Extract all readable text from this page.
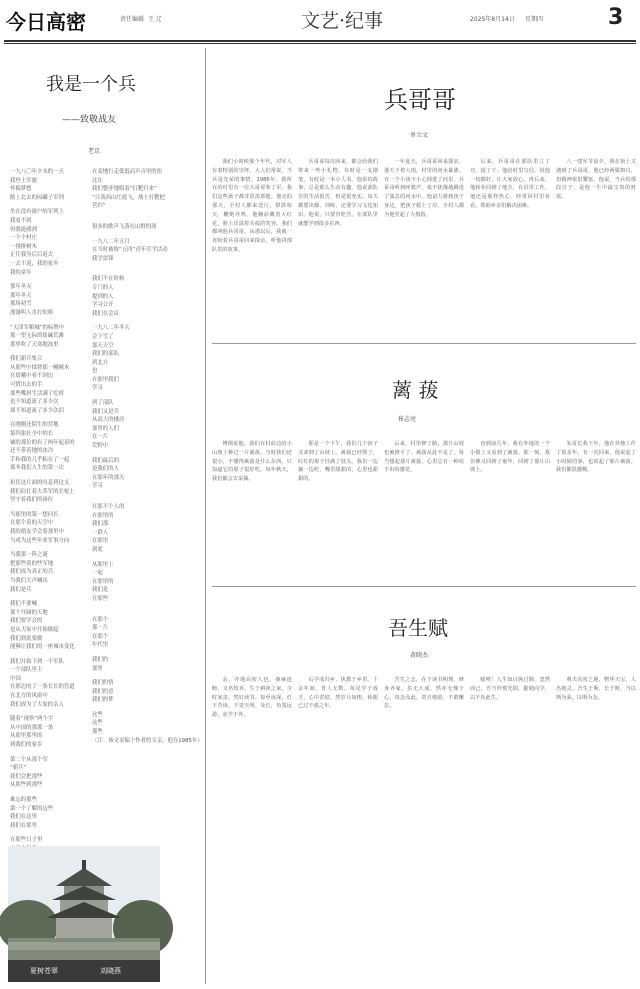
今日高密	责任编辑 王 辽	文艺·纪事	2025年8月14日 星期四	3
我是一个兵
——致敬战友
老京
一九八〇年夕末的一天
我登上军旅
怀揣梦想
踏上北去的闷罐子军列
坐在没有窗户的军列上
我看不到
但我能感到
一个个村庄
一排排树木
正往我身后后退去
一去不返，我的家乡
我的童年
那年冬天
那年冬天
那场初雪
漫漫叫人直打惊哆
“天津军粮城”的标牌中
那一望无际的盐碱荒滩
那里吹了天寒地冻里
我们新兵集合
从那些中揉搓那一幢幢木
在晨曦中看不到边
可惜出去的手
那些嘴唇生活满了疙瘩
也不知道流了多少次
却不知道流了多少次泪
在刚刚还陌生的营地
第四张壮全中的长
铺的那位的有了两年起着的
还不带着地的冰冷
手和我的几乎粘在了一起
那冬我们人生的第一次
扣住这片面的叹息到这支
我们肩扛着大革军的长枪上
坚守着我们的岗位
当那里的第一想问长
在那个着的天空中
我的朋友学会着那里中
当成为这些年来军事方向
当我第一阵之谜
把那些着的些军地
我们成为真正的兵
当我们大声喊出
我们是兵
我们不要喊
那个开阔的天地
我们要学会的
是从大家中开始做起
我们到底要做
能够让我们的一座城市变化
我们开始下到一个军队
一个部队里主
中国
在那边的了一条长长的管道
在北方的风雨中
我们成为了大家的亲人
随着“视察”两个字
从中国的那那一条
从那里那里的
到我们的家乡
第二个从那个军
“新兵”
我们会把那些
从那些到那些
难忘的那些
第一个了解的这些
我们在这里
我们在那里
在那些日子里
在麦地行走低低而声音里的扭
比在
我们整齐地唱着“打靶归来”
“日落西山红霞飞，战士打靶把
营归”
很多的歌声飞落在山野的间
一九八二年五月
在当时被称“五四”青年军学活动
我学雷锋
我们不在时候
专门的人
提到的人
学习公开
我们在会议
一九八二年冬天
会下雪了
那天天空
我们的部队
到北方
也
在那里我们
学习
到了部队
我们又是兵
从高大的楼房
那里的人们
在一片
荒野中
我们最后的
是我们的人
在那年的那天
学习
在那不个人的
在那里的
我们那
一群人
在那里
到底
从那里上
一起
在那里的
我们是
在那些
在那个
那一片
在那个
年代里
我们的
那里
我们的情
我们的意
我们的梦
这些
这些
那些
（注：该文采编于作者的父亲，他在1985年）
兵哥哥
单立文

我们小时候那个年代，对军人有着特别的崇拜。大人们常说，当兵是光荣的事情。1986年，我所在的村里有一位大哥哥参了军。我们这些孩子都非常羡慕他。他走的那天，全村人都来送行。锣鼓喧天，鞭炮齐鸣。他胸前戴着大红花，脸上洋溢着幸福的笑容。我们都叫他兵哥哥。从那以后，我就一直盼着兵哥哥回来探亲，听他讲部队里的故事。

兵哥哥每次回来，都会给我们带来一些小礼物。有时是一支钢笔，有时是一本小人书。他讲的故事，总是那么生动有趣。他说部队里的生活很苦，但是很充实。每天都要出操、训练，还要学习文化知识。他说，只要肯吃苦，在部队里就能学到很多东西。

一年夏天，兵哥哥回来探亲。那天下着大雨，村里的河水暴涨。有一个小孩不小心掉进了河里。兵哥哥听到呼救声，毫不犹豫地跳进了湍急的河水中。他奋力游到孩子身边，把孩子救上了岸。全村人都为他竖起了大拇指。

后来，兵哥哥在部队里立了功，提了干。他给村里写信，说他一切都好，让大家放心。再后来，他转业回到了地方，在县里工作。他还是那样热心，经常回村里看看，帮助乡亲们解决困难。

八一建军节前夕，我在街上又遇到了兵哥哥。他已经两鬓斑白，但精神依旧矍铄。他说，当兵的那段日子，是他一生中最宝贵的财富。

蓠 菝
崔志亮

傅钢说他，我们在村前边的小山坡上种过一片蓠菝。当时我们还很小，不懂得蓠菝是什么东西，只知道它的果子很好吃。每年秋天，我们都会去采摘。

那是一个下午，我们几个孩子又来到了山坡上。蓠菝已经熟了，红红的果子挂满了枝头。我们一边摘一边吃，嘴里甜甜的，心里也甜甜的。

后来，村里修了路，那片山坡也被推平了。蓠菝从此不见了。每当想起那片蓠菝，心里总有一种说不出的感觉。

直到前几年，我在外地的一个小镇上又看到了蓠菝。那一刻，我仿佛又回到了童年，回到了那片山坡上。

朱哥长我下年，他在外地工作了很多年。有一次回来，他说起了小时候的事，也说起了那片蓠菝。我们都很感慨。

吾生赋
黄晓杰

余，齐地高密人也。桑麻连畴，又名牧养。生于耕读之家，少时家贫，然好读书。每至夜深，灯下苦读，不觉天明。及长，负笈远游，求学于外。

后学成归乡，执教于乡里。十余年间，育人无数。每见学子成才，心中甚慰。然岁月如梭，转眼已过不惑之年。

吾生之志，在于读书明理，修身齐家。虽无大成，然亦无愧于心。每念及此，常自勉励，不敢懈怠。

噫嘻！人生如白驹过隙，忽然而已。吾当珍惜光阴，勤勉向学，以不负此生。

观夫高密之地，物华天宝，人杰地灵。吾生于斯，长于斯，当以斯为荣，以斯为念。

夏树苍翠	刘晓燕
